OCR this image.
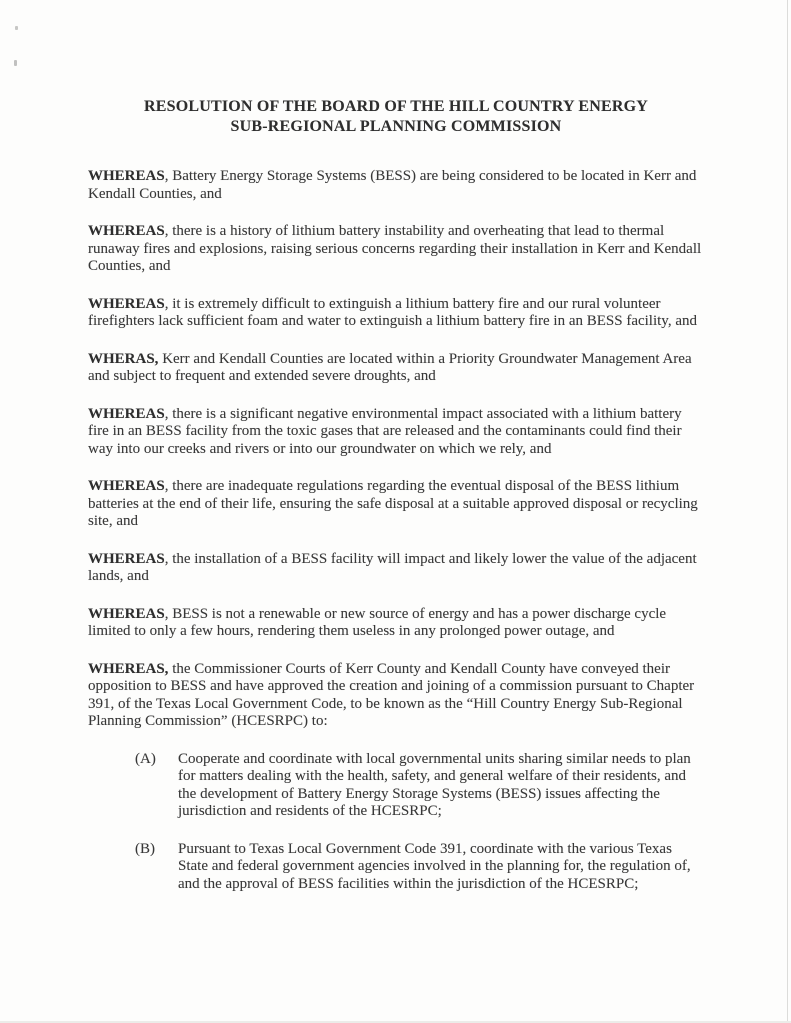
RESOLUTION OF THE BOARD OF THE HILL COUNTRY ENERGY
SUB-REGIONAL PLANNING COMMISSION

WHEREAS, Battery Energy Storage Systems (BESS) are being considered to be located in Kerr and Kendall Counties, and

WHEREAS, there is a history of lithium battery instability and overheating that lead to thermal runaway fires and explosions, raising serious concerns regarding their installation in Kerr and Kendall Counties, and

WHEREAS, it is extremely difficult to extinguish a lithium battery fire and our rural volunteer firefighters lack sufficient foam and water to extinguish a lithium battery fire in an BESS facility, and

WHERAS, Kerr and Kendall Counties are located within a Priority Groundwater Management Area and subject to frequent and extended severe droughts, and

WHEREAS, there is a significant negative environmental impact associated with a lithium battery fire in an BESS facility from the toxic gases that are released and the contaminants could find their way into our creeks and rivers or into our groundwater on which we rely, and

WHEREAS, there are inadequate regulations regarding the eventual disposal of the BESS lithium batteries at the end of their life, ensuring the safe disposal at a suitable approved disposal or recycling site, and

WHEREAS, the installation of a BESS facility will impact and likely lower the value of the adjacent lands, and

WHEREAS, BESS is not a renewable or new source of energy and has a power discharge cycle limited to only a few hours, rendering them useless in any prolonged power outage, and

WHEREAS, the Commissioner Courts of Kerr County and Kendall County have conveyed their opposition to BESS and have approved the creation and joining of a commission pursuant to Chapter 391, of the Texas Local Government Code, to be known as the “Hill Country Energy Sub-Regional Planning Commission” (HCESRPC) to:

(A)	Cooperate and coordinate with local governmental units sharing similar needs to plan for matters dealing with the health, safety, and general welfare of their residents, and the development of Battery Energy Storage Systems (BESS) issues affecting the jurisdiction and residents of the HCESRPC;
(B)	Pursuant to Texas Local Government Code 391, coordinate with the various Texas State and federal government agencies involved in the planning for, the regulation of, and the approval of BESS facilities within the jurisdiction of the HCESRPC;
